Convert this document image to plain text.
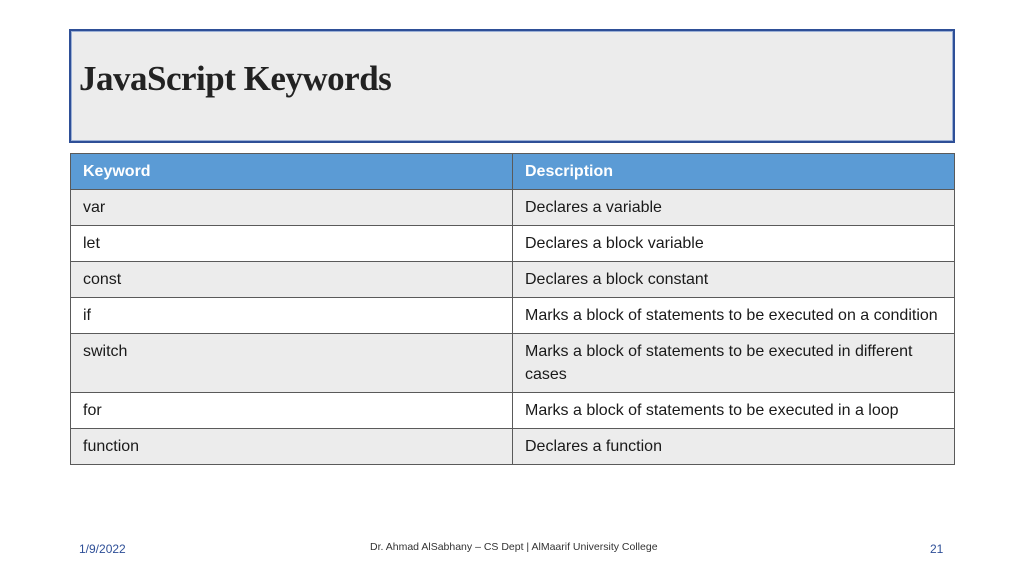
JavaScript Keywords
Keyword	Description
var	Declares a variable
let	Declares a block variable
const	Declares a block constant
if	Marks a block of statements to be executed on a condition
switch	Marks a block of statements to be executed in different cases
for	Marks a block of statements to be executed in a loop
function	Declares a function
1/9/2022	Dr. Ahmad AlSabhany – CS Dept | AlMaarif University College	21
